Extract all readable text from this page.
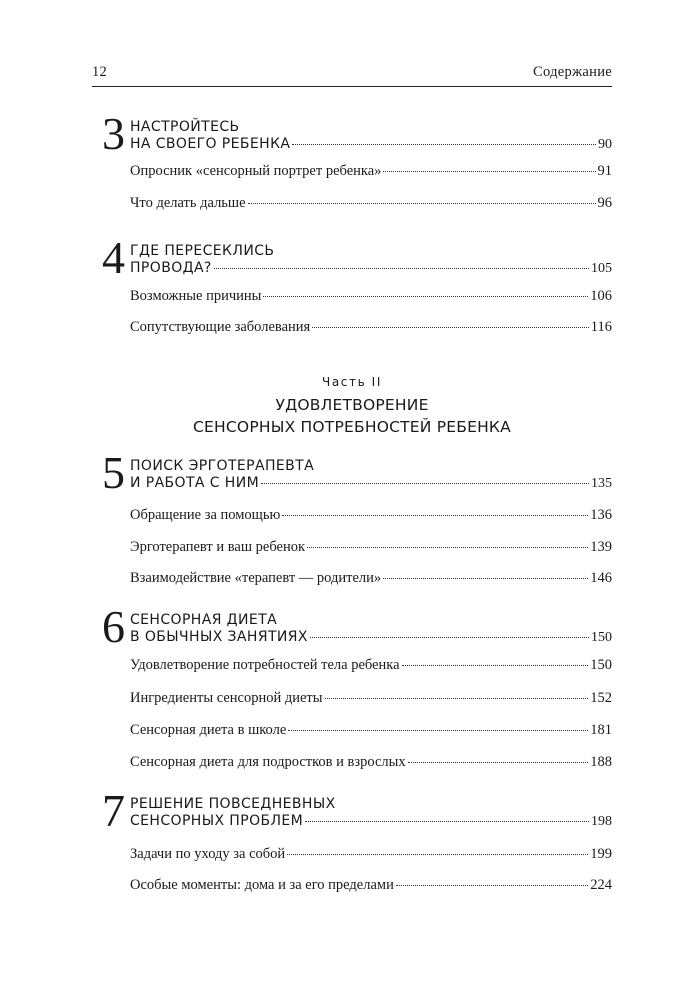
12	Содержание
3 НАСТРОЙТЕСЬ
НА СВОЕГО РЕБЕНКА	90
Опросник «сенсорный портрет ребенка»	91
Что делать дальше	96
4 ГДЕ ПЕРЕСЕКЛИСЬ
ПРОВОДА?	105
Возможные причины	106
Сопутствующие заболевания	116
Часть II
УДОВЛЕТВОРЕНИЕ
СЕНСОРНЫХ ПОТРЕБНОСТЕЙ РЕБЕНКА
5 ПОИСК ЭРГОТЕРАПЕВТА
И РАБОТА С НИМ	135
Обращение за помощью	136
Эрготерапевт и ваш ребенок	139
Взаимодействие «терапевт — родители»	146
6 СЕНСОРНАЯ ДИЕТА
В ОБЫЧНЫХ ЗАНЯТИЯХ	150
Удовлетворение потребностей тела ребенка	150
Ингредиенты сенсорной диеты	152
Сенсорная диета в школе	181
Сенсорная диета для подростков и взрослых	188
7 РЕШЕНИЕ ПОВСЕДНЕВНЫХ
СЕНСОРНЫХ ПРОБЛЕМ	198
Задачи по уходу за собой	199
Особые моменты: дома и за его пределами	224
